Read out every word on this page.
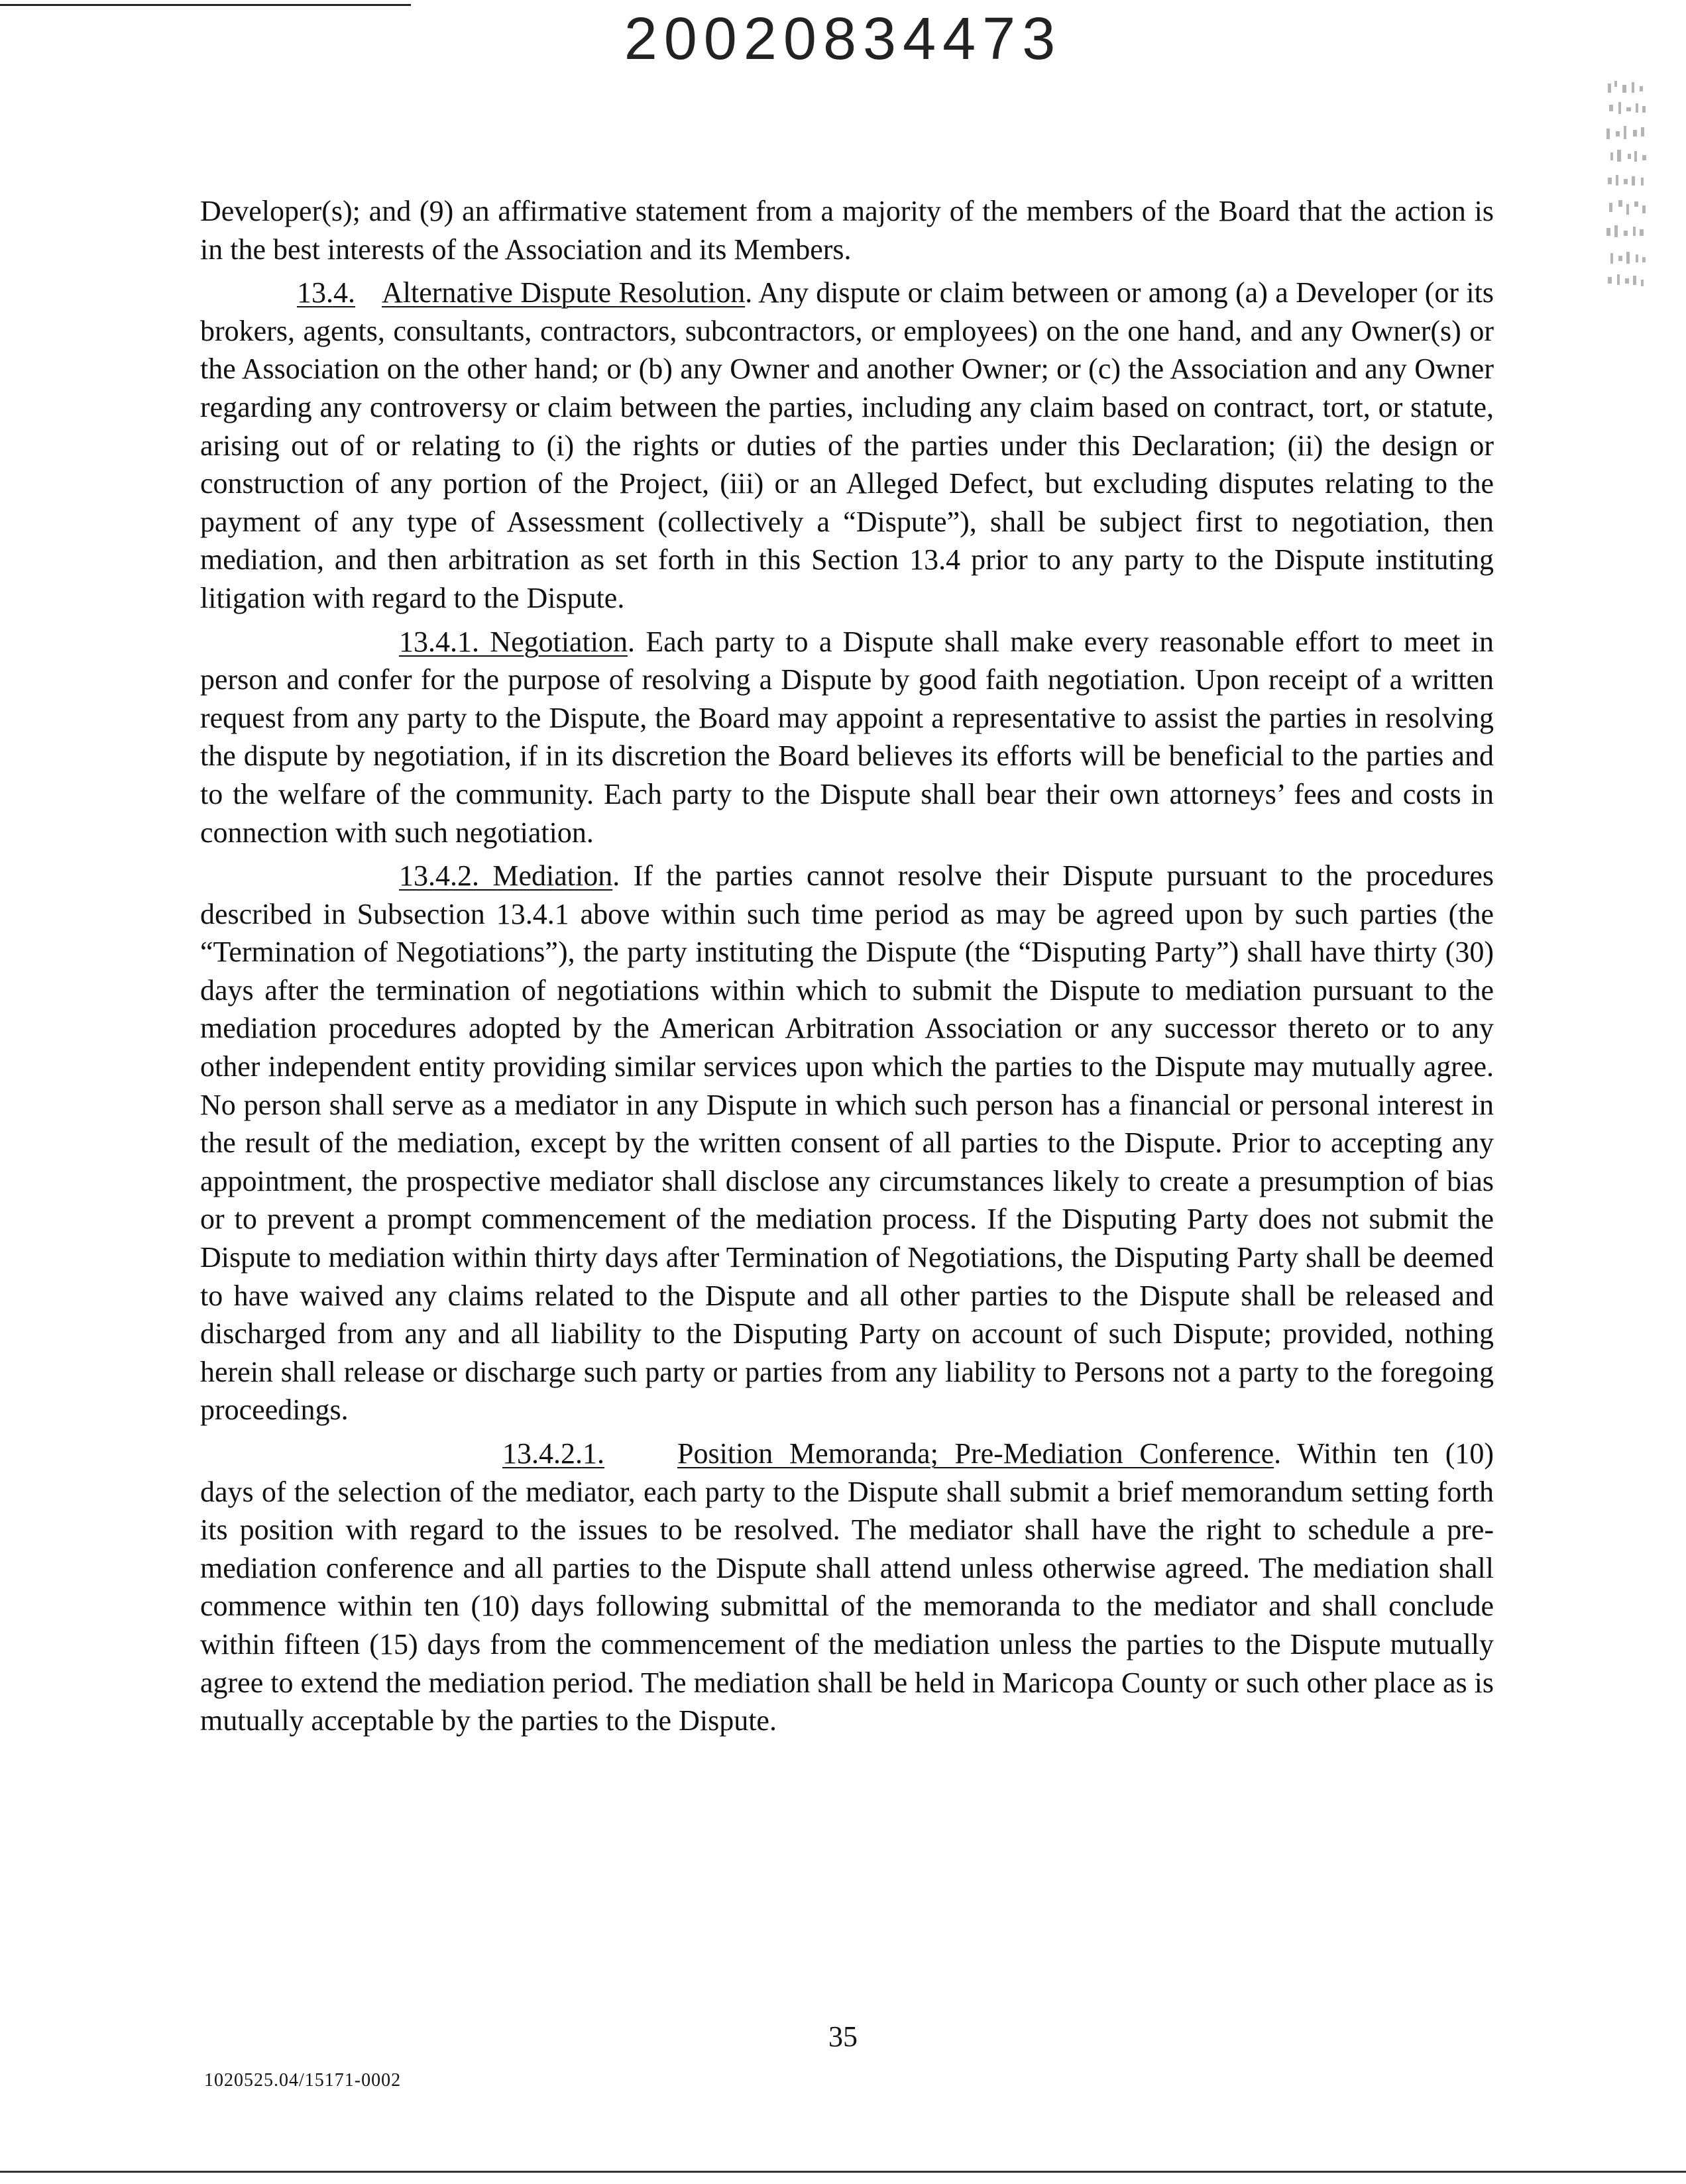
20020834473

Developer(s); and (9) an affirmative statement from a majority of the members of the Board that the action is in the best interests of the Association and its Members.

13.4. Alternative Dispute Resolution. Any dispute or claim between or among (a) a Developer (or its brokers, agents, consultants, contractors, subcontractors, or employees) on the one hand, and any Owner(s) or the Association on the other hand; or (b) any Owner and another Owner; or (c) the Association and any Owner regarding any controversy or claim between the parties, including any claim based on contract, tort, or statute, arising out of or relating to (i) the rights or duties of the parties under this Declaration; (ii) the design or construction of any portion of the Project, (iii) or an Alleged Defect, but excluding disputes relating to the payment of any type of Assessment (collectively a “Dispute”), shall be subject first to negotiation, then mediation, and then arbitration as set forth in this Section 13.4 prior to any party to the Dispute instituting litigation with regard to the Dispute.

13.4.1. Negotiation. Each party to a Dispute shall make every reasonable effort to meet in person and confer for the purpose of resolving a Dispute by good faith negotiation. Upon receipt of a written request from any party to the Dispute, the Board may appoint a representative to assist the parties in resolving the dispute by negotiation, if in its discretion the Board believes its efforts will be beneficial to the parties and to the welfare of the community. Each party to the Dispute shall bear their own attorneys’ fees and costs in connection with such negotiation.

13.4.2. Mediation. If the parties cannot resolve their Dispute pursuant to the procedures described in Subsection 13.4.1 above within such time period as may be agreed upon by such parties (the “Termination of Negotiations”), the party instituting the Dispute (the “Disputing Party”) shall have thirty (30) days after the termination of negotiations within which to submit the Dispute to mediation pursuant to the mediation procedures adopted by the American Arbitration Association or any successor thereto or to any other independent entity providing similar services upon which the parties to the Dispute may mutually agree. No person shall serve as a mediator in any Dispute in which such person has a financial or personal interest in the result of the mediation, except by the written consent of all parties to the Dispute. Prior to accepting any appointment, the prospective mediator shall disclose any circumstances likely to create a presumption of bias or to prevent a prompt commencement of the mediation process. If the Disputing Party does not submit the Dispute to mediation within thirty days after Termination of Negotiations, the Disputing Party shall be deemed to have waived any claims related to the Dispute and all other parties to the Dispute shall be released and discharged from any and all liability to the Disputing Party on account of such Dispute; provided, nothing herein shall release or discharge such party or parties from any liability to Persons not a party to the foregoing proceedings.

13.4.2.1.	Position Memoranda; Pre-Mediation Conference. Within ten (10) days of the selection of the mediator, each party to the Dispute shall submit a brief memorandum setting forth its position with regard to the issues to be resolved. The mediator shall have the right to schedule a pre-mediation conference and all parties to the Dispute shall attend unless otherwise agreed. The mediation shall commence within ten (10) days following submittal of the memoranda to the mediator and shall conclude within fifteen (15) days from the commencement of the mediation unless the parties to the Dispute mutually agree to extend the mediation period. The mediation shall be held in Maricopa County or such other place as is mutually acceptable by the parties to the Dispute.

35
1020525.04/15171-0002
